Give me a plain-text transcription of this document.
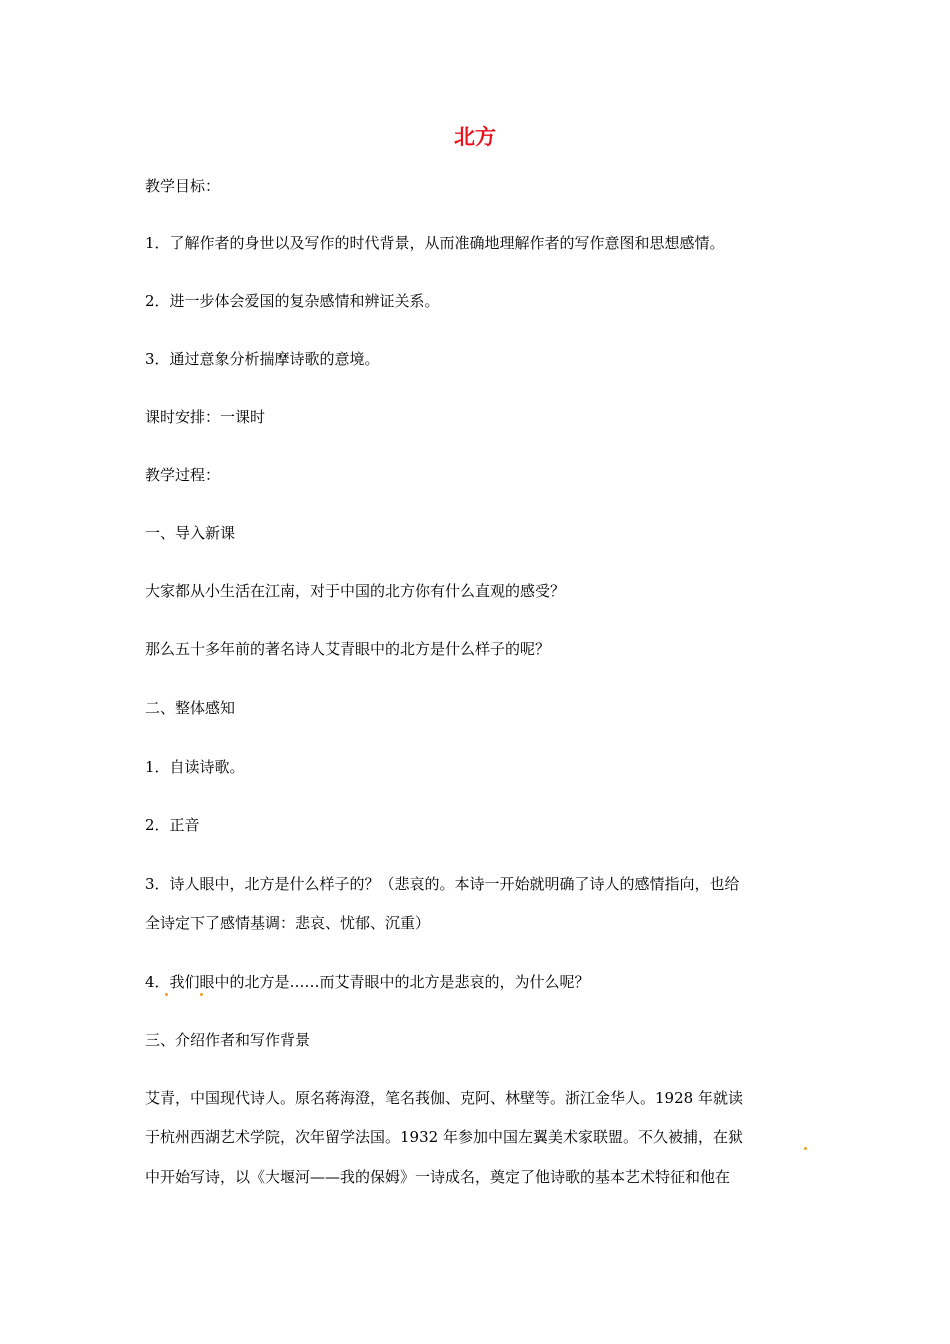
北方

教学目标：

1．了解作者的身世以及写作的时代背景，从而准确地理解作者的写作意图和思想感情。

2．进一步体会爱国的复杂感情和辨证关系。

3．通过意象分析揣摩诗歌的意境。

课时安排：一课时

教学过程：

一、导入新课

大家都从小生活在江南，对于中国的北方你有什么直观的感受？

那么五十多年前的著名诗人艾青眼中的北方是什么样子的呢？

二、整体感知

1．自读诗歌。

2．正音

3．诗人眼中，北方是什么样子的？（悲哀的。本诗一开始就明确了诗人的感情指向，也给

全诗定下了感情基调：悲哀、忧郁、沉重）

4．我们眼中的北方是……而艾青眼中的北方是悲哀的，为什么呢？

三、介绍作者和写作背景

艾青，中国现代诗人。原名蒋海澄，笔名莪伽、克阿、林壁等。浙江金华人。1928 年就读

于杭州西湖艺术学院，次年留学法国。1932 年参加中国左翼美术家联盟。不久被捕，在狱

中开始写诗，以《大堰河——我的保姆》一诗成名，奠定了他诗歌的基本艺术特征和他在
